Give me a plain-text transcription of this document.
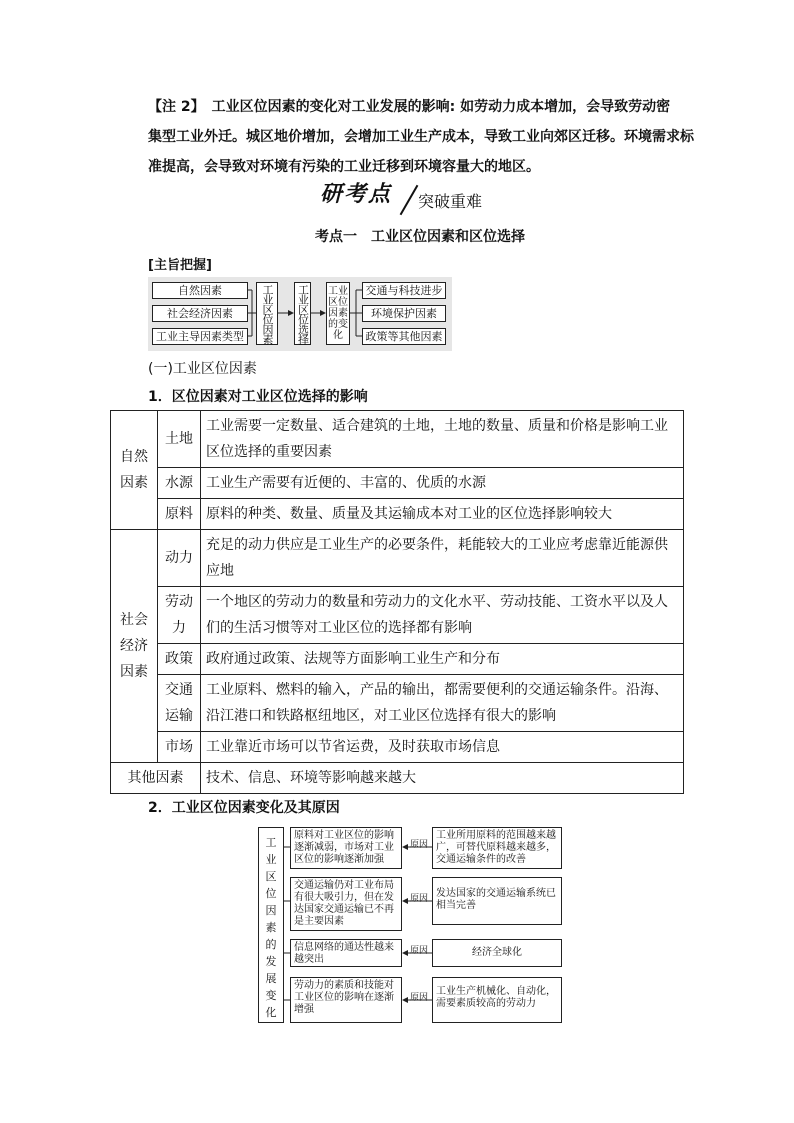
【注 2】　工业区位因素的变化对工业发展的影响: 如劳动力成本增加，会导致劳动密

集型工业外迁。城区地价增加，会增加工业生产成本，导致工业向郊区迁移。环境需求标

准提高，会导致对环境有污染的工业迁移到环境容量大的地区。

研考点 突破重难
考点一　工业区位因素和区位选择
[主旨把握]
自然因素
社会经济因素
工业主导因素类型	工业区位因素	工业区位选择 工业区位因素的变化
交通与科技进步
环境保护因素
政策等其他因素
(一)工业区位因素
1．区位因素对工业区位选择的影响
自然因素	土地	工业需要一定数量、适合建筑的土地，土地的数量、质量和价格是影响工业区位选择的重要因素
	水源	工业生产需要有近便的、丰富的、优质的水源
	原料	原料的种类、数量、质量及其运输成本对工业的区位选择影响较大
社会经济因素	动力	充足的动力供应是工业生产的必要条件，耗能较大的工业应考虑靠近能源供应地
	劳动力	一个地区的劳动力的数量和劳动力的文化水平、劳动技能、工资水平以及人们的生活习惯等对工业区位的选择都有影响
	政策	政府通过政策、法规等方面影响工业生产和分布
	交通运输	工业原料、燃料的输入，产品的输出，都需要便利的交通运输条件。沿海、沿江港口和铁路枢纽地区，对工业区位选择有很大的影响
	市场	工业靠近市场可以节省运费，及时获取市场信息
其他因素		技术、信息、环境等影响越来越大
2．工业区位因素变化及其原因
工业区位因素的发展变化
原料对工业区位的影响逐渐减弱，市场对工业区位的影响逐渐加强
交通运输仍对工业布局有很大吸引力，但在发达国家交通运输已不再是主要因素
信息网络的通达性越来越突出
劳动力的素质和技能对工业区位的影响在逐渐增强
原因
原因
原因
原因
工业所用原料的范围越来越广，可替代原料越来越多，交通运输条件的改善
发达国家的交通运输系统已相当完善
经济全球化
工业生产机械化、自动化，需要素质较高的劳动力
